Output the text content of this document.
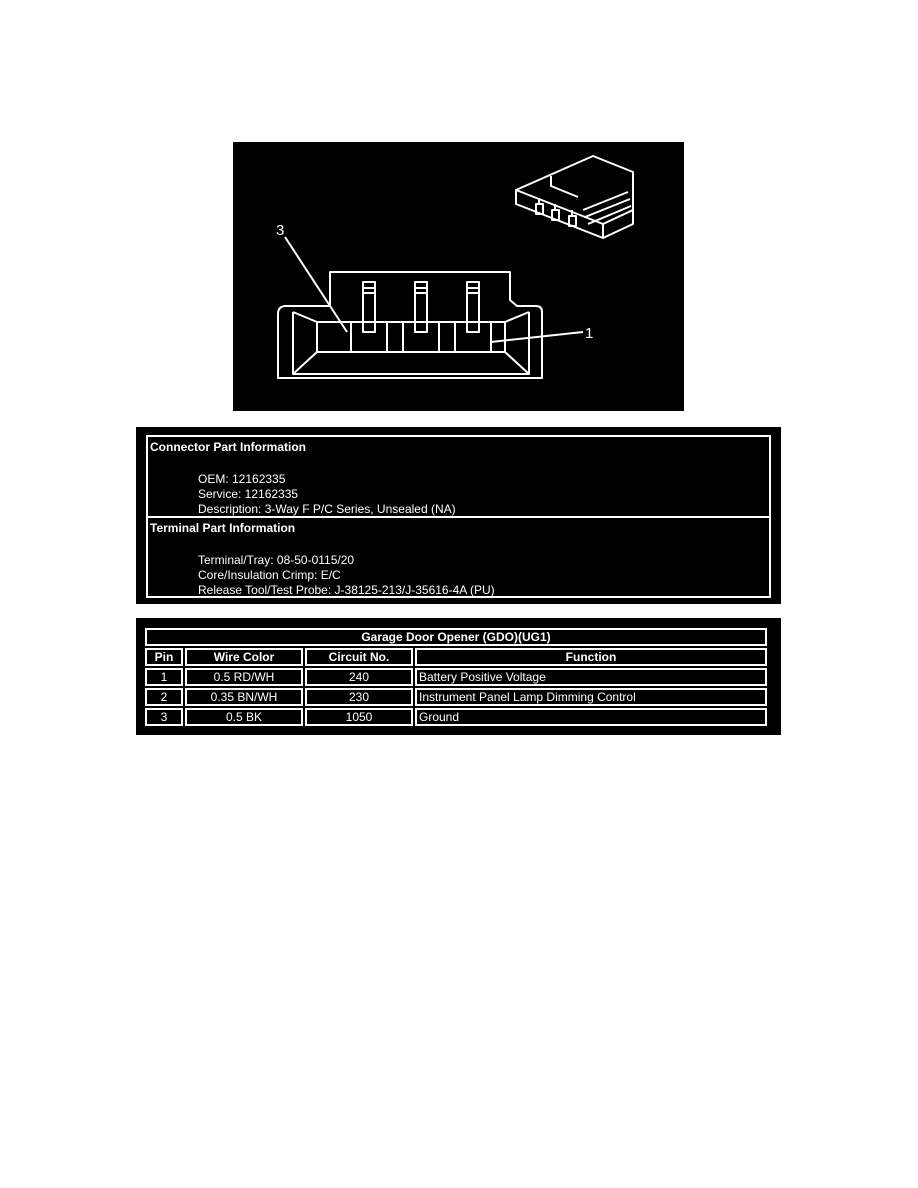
3
1
Connector Part Information
OEM: 12162335
Service: 12162335
Description: 3-Way F P/C Series, Unsealed (NA)
Terminal Part Information
Terminal/Tray: 08-50-0115/20
Core/Insulation Crimp: E/C
Release Tool/Test Probe: J-38125-213/J-35616-4A (PU)
Garage Door Opener (GDO)(UG1)			
Pin	Wire Color	Circuit No.	Function
1	0.5 RD/WH	240	Battery Positive Voltage
2	0.35 BN/WH	230	Instrument Panel Lamp Dimming Control
3	0.5 BK	1050	Ground
